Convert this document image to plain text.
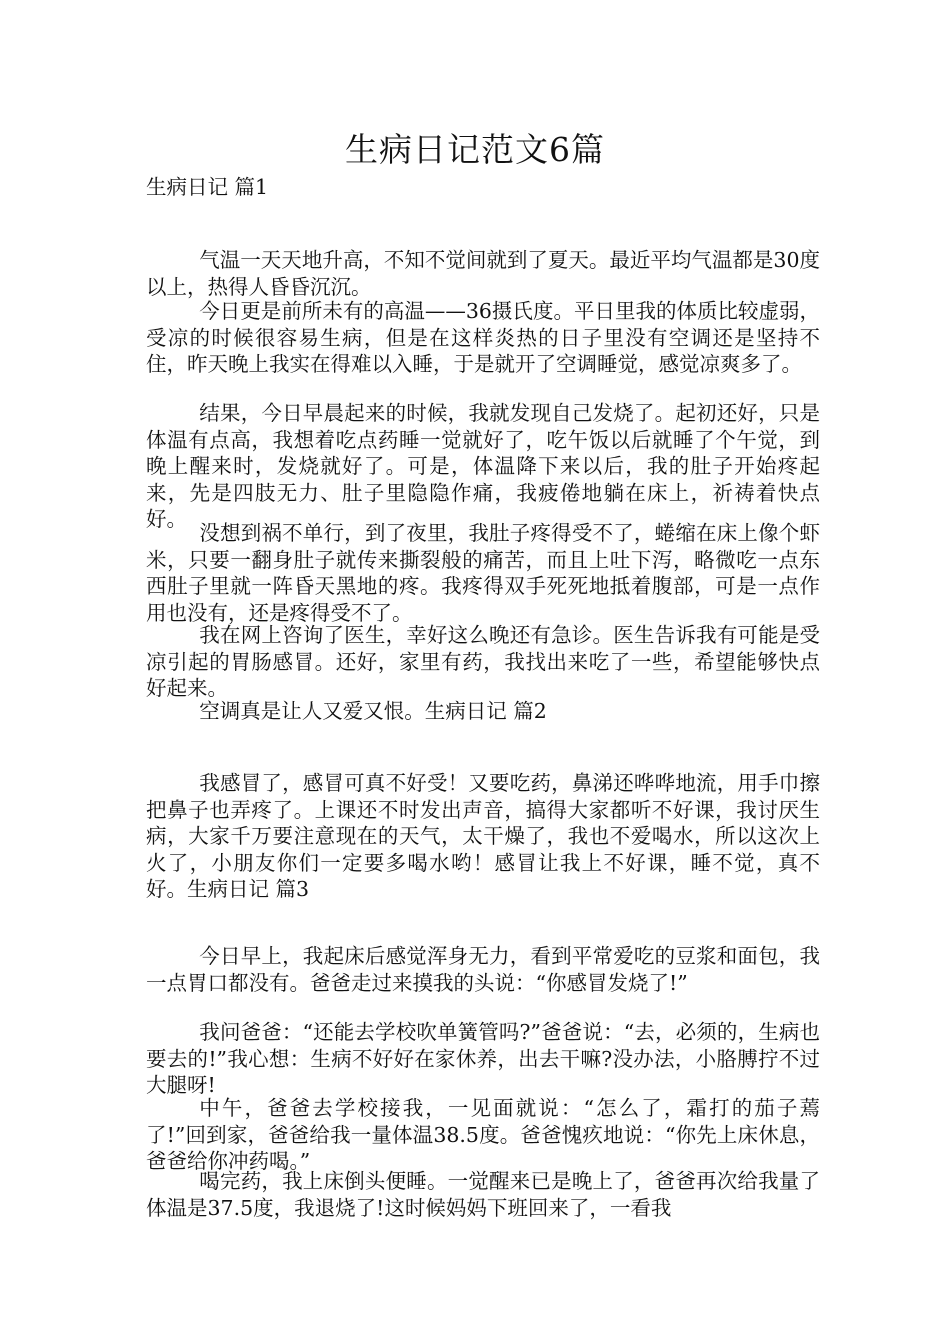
生病日记范文6篇

生病日记 篇1

气温一天天地升高，不知不觉间就到了夏天。最近平均气温都是30度以上，热得人昏昏沉沉。

今日更是前所未有的高温——36摄氏度。平日里我的体质比较虚弱，受凉的时候很容易生病，但是在这样炎热的日子里没有空调还是坚持不住，昨天晚上我实在得难以入睡，于是就开了空调睡觉，感觉凉爽多了。

结果，今日早晨起来的时候，我就发现自己发烧了。起初还好，只是体温有点高，我想着吃点药睡一觉就好了，吃午饭以后就睡了个午觉，到晚上醒来时，发烧就好了。可是，体温降下来以后，我的肚子开始疼起来，先是四肢无力、肚子里隐隐作痛，我疲倦地躺在床上，祈祷着快点好。

没想到祸不单行，到了夜里，我肚子疼得受不了，蜷缩在床上像个虾米，只要一翻身肚子就传来撕裂般的痛苦，而且上吐下泻，略微吃一点东西肚子里就一阵昏天黑地的疼。我疼得双手死死地抵着腹部，可是一点作用也没有，还是疼得受不了。

我在网上咨询了医生，幸好这么晚还有急诊。医生告诉我有可能是受凉引起的胃肠感冒。还好，家里有药，我找出来吃了一些，希望能够快点好起来。

空调真是让人又爱又恨。生病日记 篇2

我感冒了，感冒可真不好受！又要吃药，鼻涕还哗哗地流，用手巾擦把鼻子也弄疼了。上课还不时发出声音，搞得大家都听不好课，我讨厌生病，大家千万要注意现在的天气，太干燥了，我也不爱喝水，所以这次上火了，小朋友你们一定要多喝水哟！感冒让我上不好课，睡不觉，真不好。生病日记 篇3

今日早上，我起床后感觉浑身无力，看到平常爱吃的豆浆和面包，我一点胃口都没有。爸爸走过来摸我的头说：“你感冒发烧了!”

我问爸爸：“还能去学校吹单簧管吗?”爸爸说：“去，必须的，生病也要去的!”我心想：生病不好好在家休养，出去干嘛?没办法，小胳膊拧不过大腿呀!

中午，爸爸去学校接我，一见面就说：“怎么了，霜打的茄子蔫了!”回到家，爸爸给我一量体温38.5度。爸爸愧疚地说：“你先上床休息，爸爸给你冲药喝。”

喝完药，我上床倒头便睡。一觉醒来已是晚上了，爸爸再次给我量了体温是37.5度，我退烧了!这时候妈妈下班回来了，一看我
